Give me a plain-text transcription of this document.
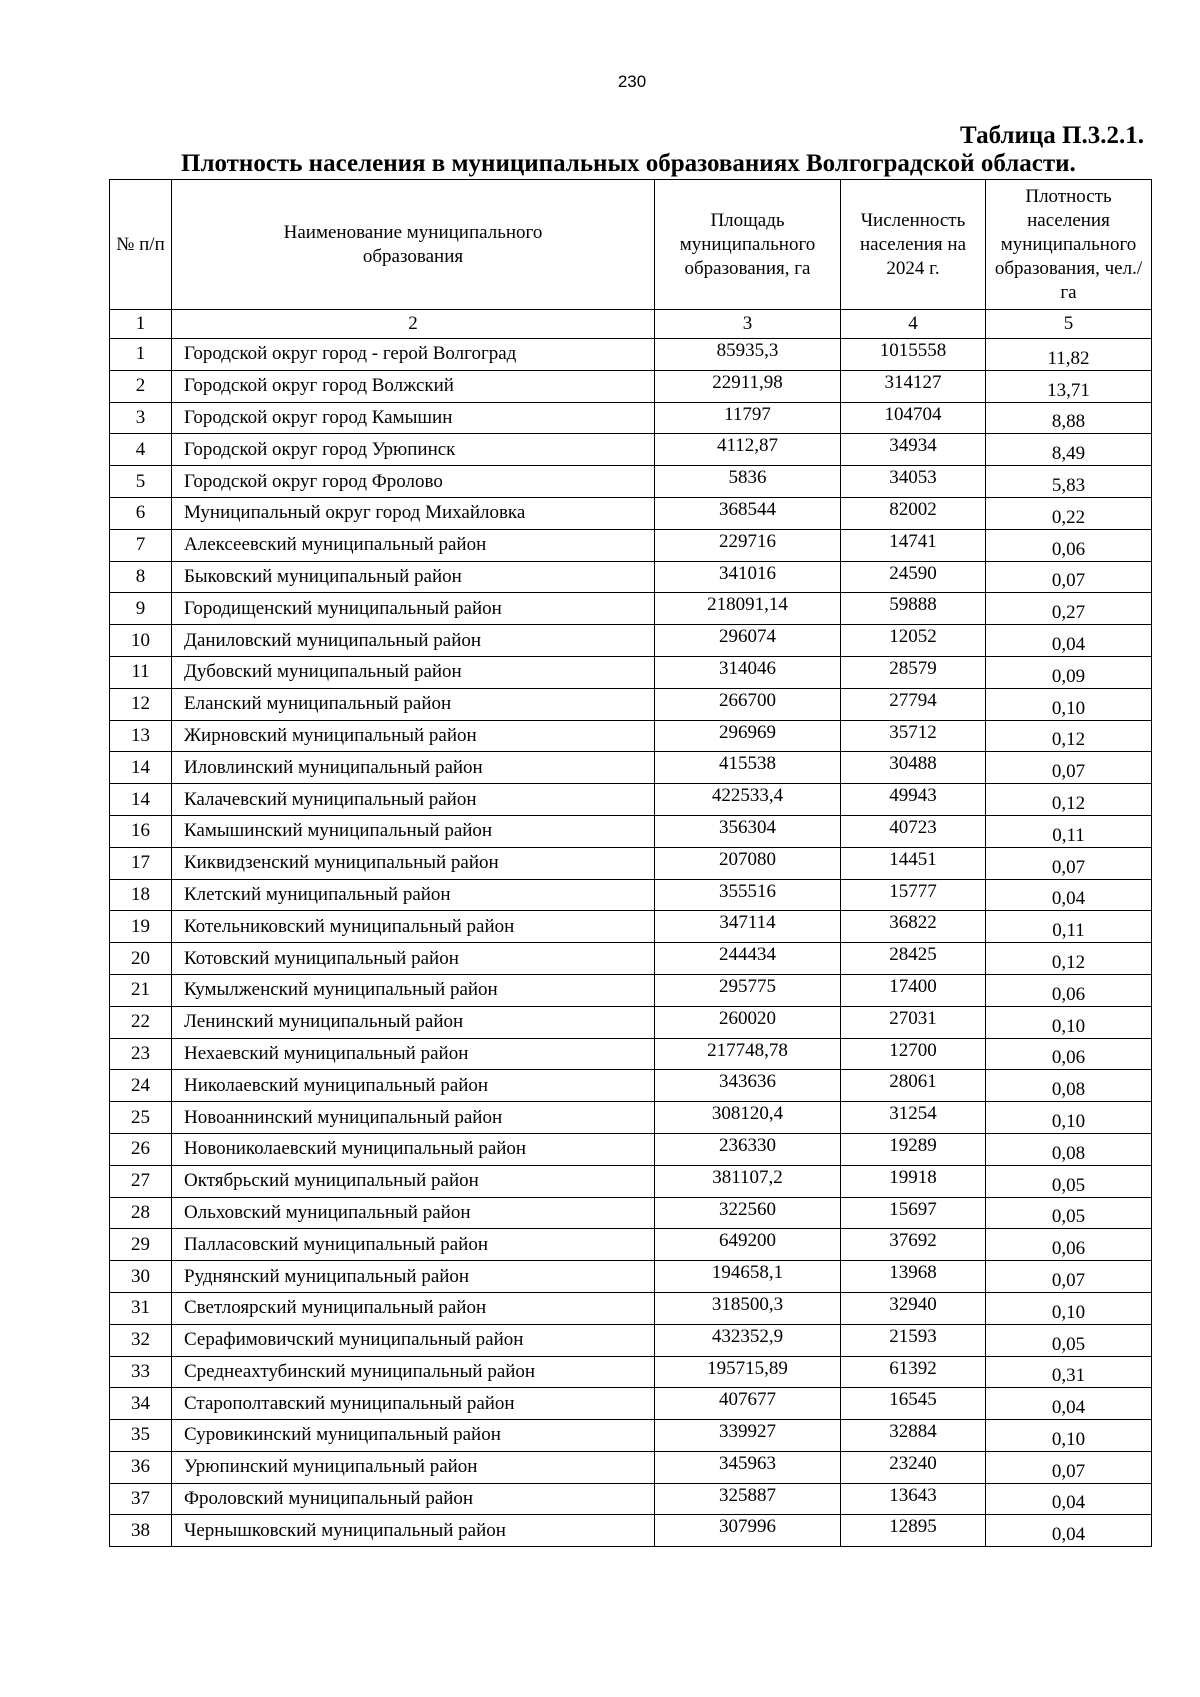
230
Таблица П.3.2.1.
Плотность населения в муниципальных образованиях Волгоградской области.
№ п/п	Наименование муниципального образования	Площадь муниципального образования, га	Численность населения на 2024 г.	Плотность населения муниципального образования, чел./га
1	2	3	4	5
1	Городской округ город - герой Волгоград	85935,3	1015558	11,82
2	Городской округ город Волжский	22911,98	314127	13,71
3	Городской округ город Камышин	11797	104704	8,88
4	Городской округ город Урюпинск	4112,87	34934	8,49
5	Городской округ город Фролово	5836	34053	5,83
6	Муниципальный округ город Михайловка	368544	82002	0,22
7	Алексеевский муниципальный район	229716	14741	0,06
8	Быковский муниципальный район	341016	24590	0,07
9	Городищенский муниципальный район	218091,14	59888	0,27
10	Даниловский муниципальный район	296074	12052	0,04
11	Дубовский муниципальный район	314046	28579	0,09
12	Еланский муниципальный район	266700	27794	0,10
13	Жирновский муниципальный район	296969	35712	0,12
14	Иловлинский муниципальный район	415538	30488	0,07
14	Калачевский муниципальный район	422533,4	49943	0,12
16	Камышинский муниципальный район	356304	40723	0,11
17	Киквидзенский муниципальный район	207080	14451	0,07
18	Клетский муниципальный район	355516	15777	0,04
19	Котельниковский муниципальный район	347114	36822	0,11
20	Котовский муниципальный район	244434	28425	0,12
21	Кумылженский муниципальный район	295775	17400	0,06
22	Ленинский муниципальный район	260020	27031	0,10
23	Нехаевский муниципальный район	217748,78	12700	0,06
24	Николаевский муниципальный район	343636	28061	0,08
25	Новоаннинский муниципальный район	308120,4	31254	0,10
26	Новониколаевский муниципальный район	236330	19289	0,08
27	Октябрьский муниципальный район	381107,2	19918	0,05
28	Ольховский муниципальный район	322560	15697	0,05
29	Палласовский муниципальный район	649200	37692	0,06
30	Руднянский муниципальный район	194658,1	13968	0,07
31	Светлоярский муниципальный район	318500,3	32940	0,10
32	Серафимовичский муниципальный район	432352,9	21593	0,05
33	Среднеахтубинский муниципальный район	195715,89	61392	0,31
34	Старополтавский муниципальный район	407677	16545	0,04
35	Суровикинский муниципальный район	339927	32884	0,10
36	Урюпинский муниципальный район	345963	23240	0,07
37	Фроловский муниципальный район	325887	13643	0,04
38	Чернышковский муниципальный район	307996	12895	0,04
